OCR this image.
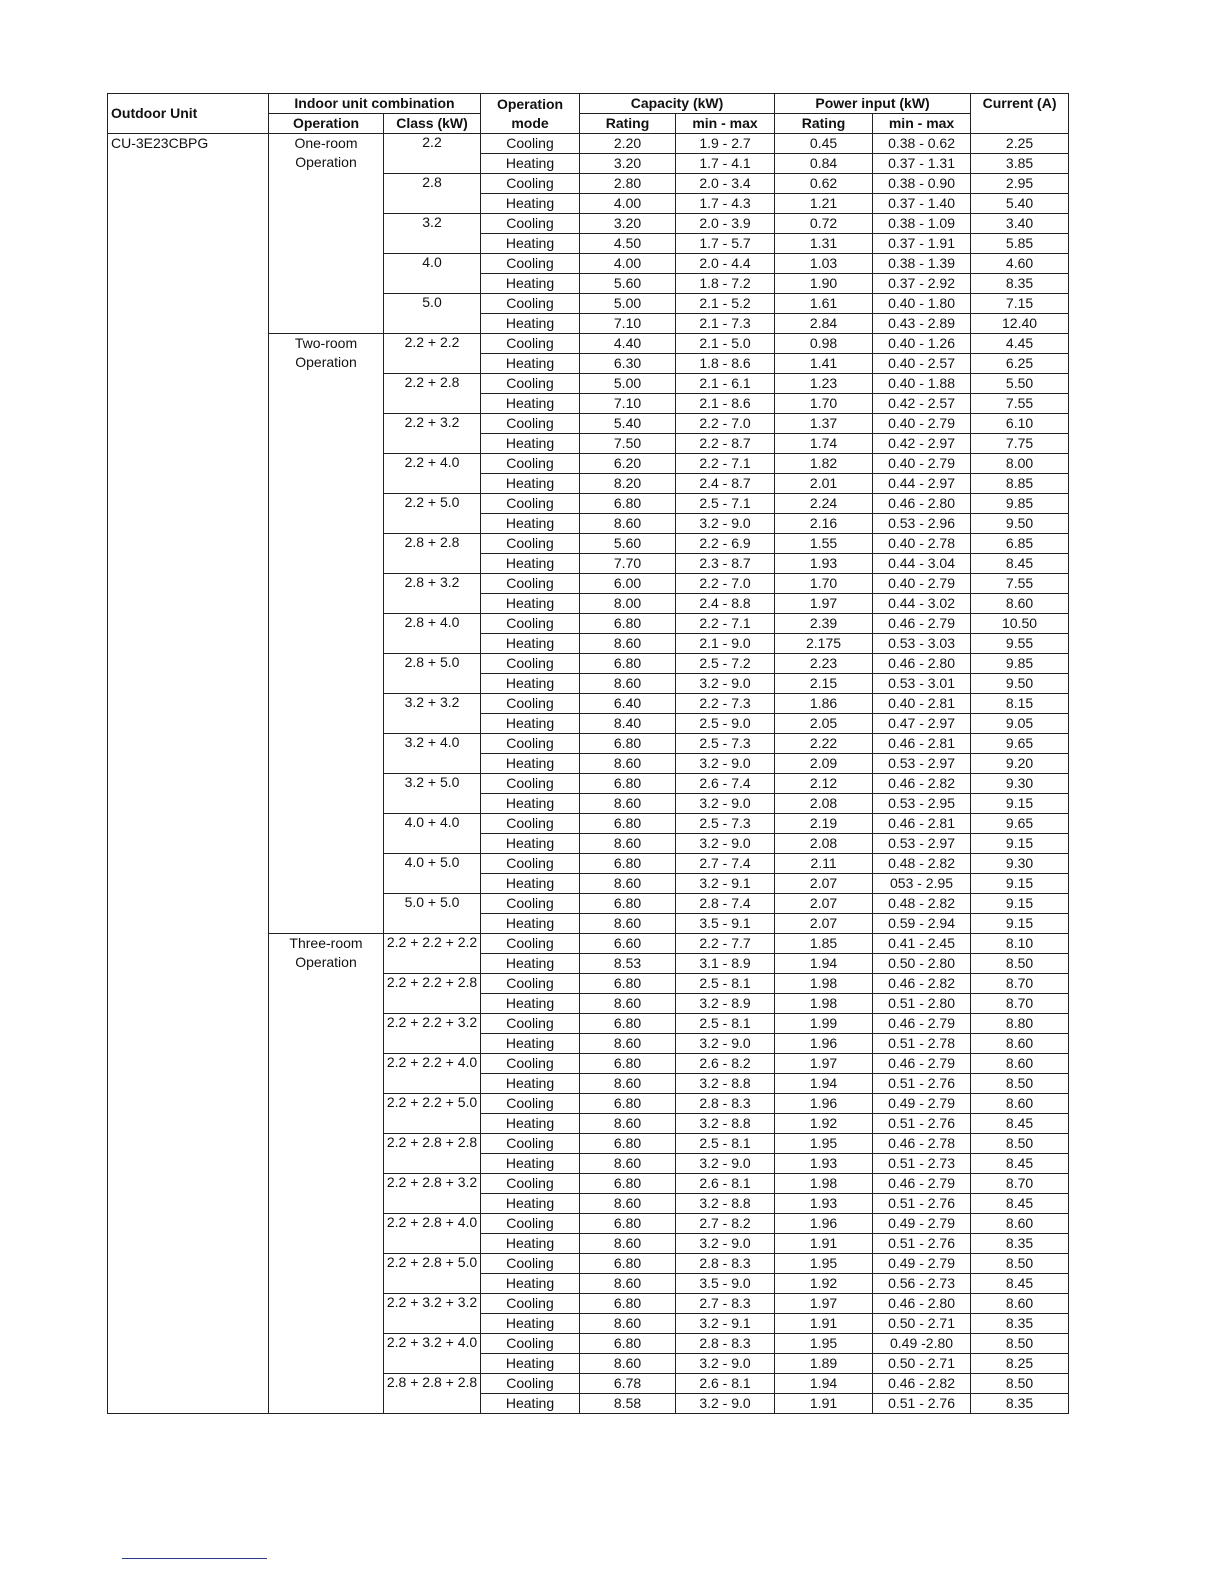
Outdoor Unit	Indoor unit combination		Operation mode	Capacity (kW)		Power input (kW)		Current (A)
	Operation	Class (kW)		Rating	min - max	Rating	min - max	
CU-3E23CBPG	One-room Operation	2.2	Cooling	2.20	1.9 - 2.7	0.45	0.38 - 0.62	2.25
			Heating	3.20	1.7 - 4.1	0.84	0.37 - 1.31	3.85
		2.8	Cooling	2.80	2.0 - 3.4	0.62	0.38 - 0.90	2.95
			Heating	4.00	1.7 - 4.3	1.21	0.37 - 1.40	5.40
		3.2	Cooling	3.20	2.0 - 3.9	0.72	0.38 - 1.09	3.40
			Heating	4.50	1.7 - 5.7	1.31	0.37 - 1.91	5.85
		4.0	Cooling	4.00	2.0 - 4.4	1.03	0.38 - 1.39	4.60
			Heating	5.60	1.8 - 7.2	1.90	0.37 - 2.92	8.35
		5.0	Cooling	5.00	2.1 - 5.2	1.61	0.40 - 1.80	7.15
			Heating	7.10	2.1 - 7.3	2.84	0.43 - 2.89	12.40
	Two-room Operation	2.2 + 2.2	Cooling	4.40	2.1 - 5.0	0.98	0.40 - 1.26	4.45
			Heating	6.30	1.8 - 8.6	1.41	0.40 - 2.57	6.25
		2.2 + 2.8	Cooling	5.00	2.1 - 6.1	1.23	0.40 - 1.88	5.50
			Heating	7.10	2.1 - 8.6	1.70	0.42 - 2.57	7.55
		2.2 + 3.2	Cooling	5.40	2.2 - 7.0	1.37	0.40 - 2.79	6.10
			Heating	7.50	2.2 - 8.7	1.74	0.42 - 2.97	7.75
		2.2 + 4.0	Cooling	6.20	2.2 - 7.1	1.82	0.40 - 2.79	8.00
			Heating	8.20	2.4 - 8.7	2.01	0.44 - 2.97	8.85
		2.2 + 5.0	Cooling	6.80	2.5 - 7.1	2.24	0.46 - 2.80	9.85
			Heating	8.60	3.2 - 9.0	2.16	0.53 - 2.96	9.50
		2.8 + 2.8	Cooling	5.60	2.2 - 6.9	1.55	0.40 - 2.78	6.85
			Heating	7.70	2.3 - 8.7	1.93	0.44 - 3.04	8.45
		2.8 + 3.2	Cooling	6.00	2.2 - 7.0	1.70	0.40 - 2.79	7.55
			Heating	8.00	2.4 - 8.8	1.97	0.44 - 3.02	8.60
		2.8 + 4.0	Cooling	6.80	2.2 - 7.1	2.39	0.46 - 2.79	10.50
			Heating	8.60	2.1 - 9.0	2.175	0.53 - 3.03	9.55
		2.8 + 5.0	Cooling	6.80	2.5 - 7.2	2.23	0.46 - 2.80	9.85
			Heating	8.60	3.2 - 9.0	2.15	0.53 - 3.01	9.50
		3.2 + 3.2	Cooling	6.40	2.2 - 7.3	1.86	0.40 - 2.81	8.15
			Heating	8.40	2.5 - 9.0	2.05	0.47 - 2.97	9.05
		3.2 + 4.0	Cooling	6.80	2.5 - 7.3	2.22	0.46 - 2.81	9.65
			Heating	8.60	3.2 - 9.0	2.09	0.53 - 2.97	9.20
		3.2 + 5.0	Cooling	6.80	2.6 - 7.4	2.12	0.46 - 2.82	9.30
			Heating	8.60	3.2 - 9.0	2.08	0.53 - 2.95	9.15
		4.0 + 4.0	Cooling	6.80	2.5 - 7.3	2.19	0.46 - 2.81	9.65
			Heating	8.60	3.2 - 9.0	2.08	0.53 - 2.97	9.15
		4.0 + 5.0	Cooling	6.80	2.7 - 7.4	2.11	0.48 - 2.82	9.30
			Heating	8.60	3.2 - 9.1	2.07	053 - 2.95	9.15
		5.0 + 5.0	Cooling	6.80	2.8 - 7.4	2.07	0.48 - 2.82	9.15
			Heating	8.60	3.5 - 9.1	2.07	0.59 - 2.94	9.15
	Three-room Operation	2.2 + 2.2 + 2.2	Cooling	6.60	2.2 - 7.7	1.85	0.41 - 2.45	8.10
			Heating	8.53	3.1 - 8.9	1.94	0.50 - 2.80	8.50
		2.2 + 2.2 + 2.8	Cooling	6.80	2.5 - 8.1	1.98	0.46 - 2.82	8.70
			Heating	8.60	3.2 - 8.9	1.98	0.51 - 2.80	8.70
		2.2 + 2.2 + 3.2	Cooling	6.80	2.5 - 8.1	1.99	0.46 - 2.79	8.80
			Heating	8.60	3.2 - 9.0	1.96	0.51 - 2.78	8.60
		2.2 + 2.2 + 4.0	Cooling	6.80	2.6 - 8.2	1.97	0.46 - 2.79	8.60
			Heating	8.60	3.2 - 8.8	1.94	0.51 - 2.76	8.50
		2.2 + 2.2 + 5.0	Cooling	6.80	2.8 - 8.3	1.96	0.49 - 2.79	8.60
			Heating	8.60	3.2 - 8.8	1.92	0.51 - 2.76	8.45
		2.2 + 2.8 + 2.8	Cooling	6.80	2.5 - 8.1	1.95	0.46 - 2.78	8.50
			Heating	8.60	3.2 - 9.0	1.93	0.51 - 2.73	8.45
		2.2 + 2.8 + 3.2	Cooling	6.80	2.6 - 8.1	1.98	0.46 - 2.79	8.70
			Heating	8.60	3.2 - 8.8	1.93	0.51 - 2.76	8.45
		2.2 + 2.8 + 4.0	Cooling	6.80	2.7 - 8.2	1.96	0.49 - 2.79	8.60
			Heating	8.60	3.2 - 9.0	1.91	0.51 - 2.76	8.35
		2.2 + 2.8 + 5.0	Cooling	6.80	2.8 - 8.3	1.95	0.49 - 2.79	8.50
			Heating	8.60	3.5 - 9.0	1.92	0.56 - 2.73	8.45
		2.2 + 3.2 + 3.2	Cooling	6.80	2.7 - 8.3	1.97	0.46 - 2.80	8.60
			Heating	8.60	3.2 - 9.1	1.91	0.50 - 2.71	8.35
		2.2 + 3.2 + 4.0	Cooling	6.80	2.8 - 8.3	1.95	0.49 -2.80	8.50
			Heating	8.60	3.2 - 9.0	1.89	0.50 - 2.71	8.25
		2.8 + 2.8 + 2.8	Cooling	6.78	2.6 - 8.1	1.94	0.46 - 2.82	8.50
			Heating	8.58	3.2 - 9.0	1.91	0.51 - 2.76	8.35
